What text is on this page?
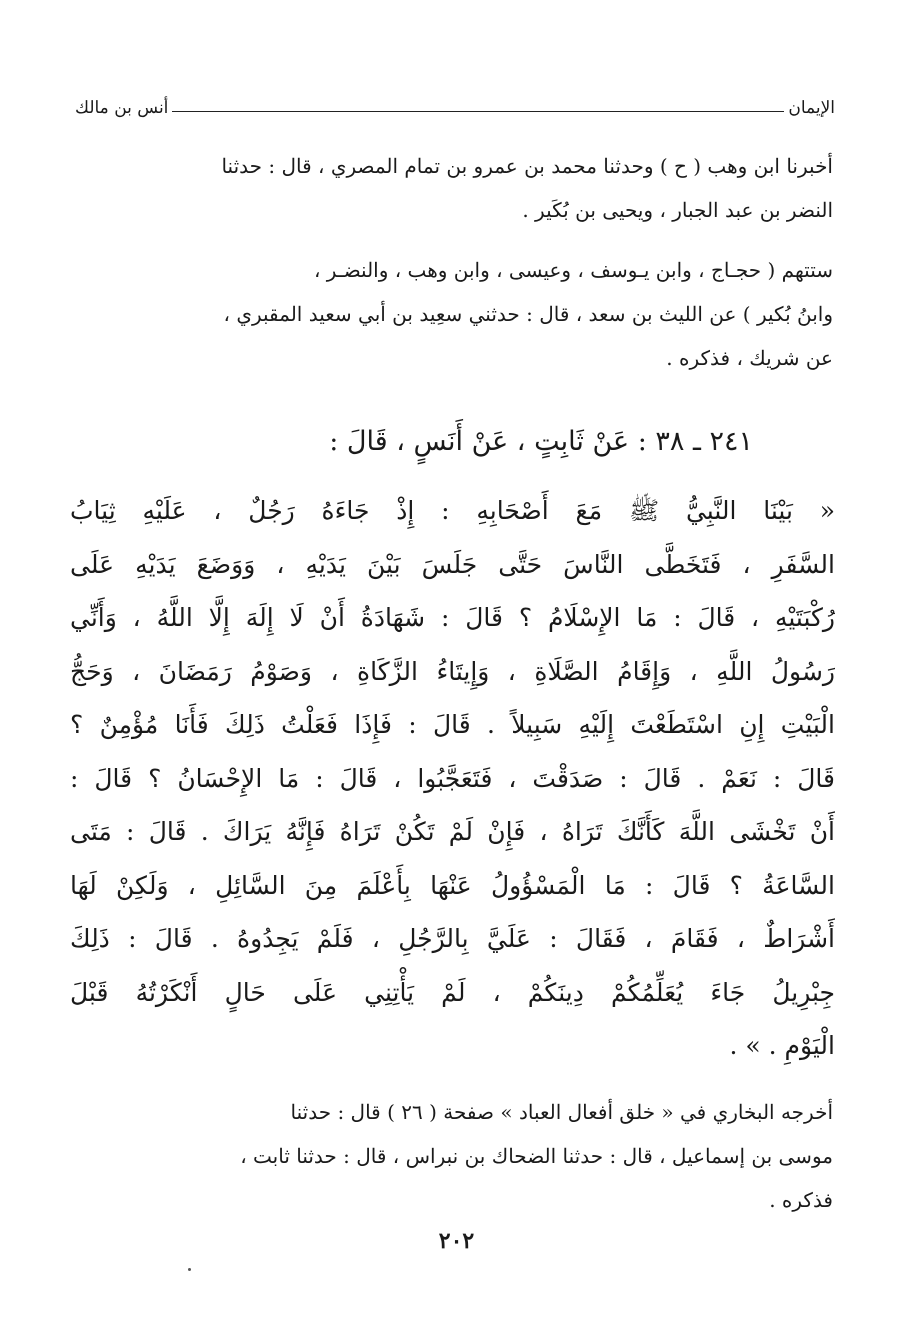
الإيمان
أنس بن مالك
أخبرنا ابن وهب ( ح ) وحدثنا محمد بن عمرو بن تمام المصري ، قال : حدثنا
النضر بن عبد الجبار ، ويحيى بن بُكَير .
ستتهم ( حجـاج ، وابن يـوسف ، وعيسى ، وابن وهب ، والنضـر ،
وابنُ بُكير ) عن الليث بن سعد ، قال : حدثني سعِيد بن أبي سعيد المقبري ،
عن شريك ، فذكره .
٢٤١ ـ ٣٨ : عَنْ ثَابِتٍ ، عَنْ أَنَسٍ ، قَالَ :
« بَيْنَا النَّبِيُّ ﷺ مَعَ أَصْحَابِهِ : إِذْ جَاءَهُ رَجُلٌ ، عَلَيْهِ ثِيَابُ
السَّفَرِ ، فَتَخَطَّى النَّاسَ حَتَّى جَلَسَ بَيْنَ يَدَيْهِ ، وَوَضَعَ يَدَيْهِ عَلَى
رُكْبَتَيْهِ ، قَالَ : مَا الإِسْلَامُ ؟ قَالَ : شَهَادَةُ أَنْ لَا إِلَهَ إِلَّا اللَّهُ ، وَأَنِّي
رَسُولُ اللَّهِ ، وَإِقَامُ الصَّلَاةِ ، وَإِيتَاءُ الزَّكَاةِ ، وَصَوْمُ رَمَضَانَ ، وَحَجُّ
الْبَيْتِ إِنِ اسْتَطَعْتَ إِلَيْهِ سَبِيلاً . قَالَ : فَإِذَا فَعَلْتُ ذَلِكَ فَأَنَا مُؤْمِنٌ ؟
قَالَ : نَعَمْ . قَالَ : صَدَقْتَ ، فَتَعَجَّبُوا ، قَالَ : مَا الإِحْسَانُ ؟ قَالَ :
أَنْ تَخْشَى اللَّهَ كَأَنَّكَ تَرَاهُ ، فَإِنْ لَمْ تَكُنْ تَرَاهُ فَإِنَّهُ يَرَاكَ . قَالَ : مَتَى
السَّاعَةُ ؟ قَالَ : مَا الْمَسْؤُولُ عَنْهَا بِأَعْلَمَ مِنَ السَّائِلِ ، وَلَكِنْ لَهَا
أَشْرَاطٌ ، فَقَامَ ، فَقَالَ : عَلَيَّ بِالرَّجُلِ ، فَلَمْ يَجِدُوهُ . قَالَ : ذَلِكَ
جِبْرِيلُ جَاءَ يُعَلِّمُكُمْ دِينَكُمْ ، لَمْ يَأْتِنِي عَلَى حَالٍ أَنْكَرْتُهُ قَبْلَ
الْيَوْمِ . » .
أخرجه البخاري في « خلق أفعال العباد » صفحة ( ٢٦ ) قال : حدثنا
موسى بن إسماعيل ، قال : حدثنا الضحاك بن نبراس ، قال : حدثنا ثابت ،
فذكره .
٢٠٢
